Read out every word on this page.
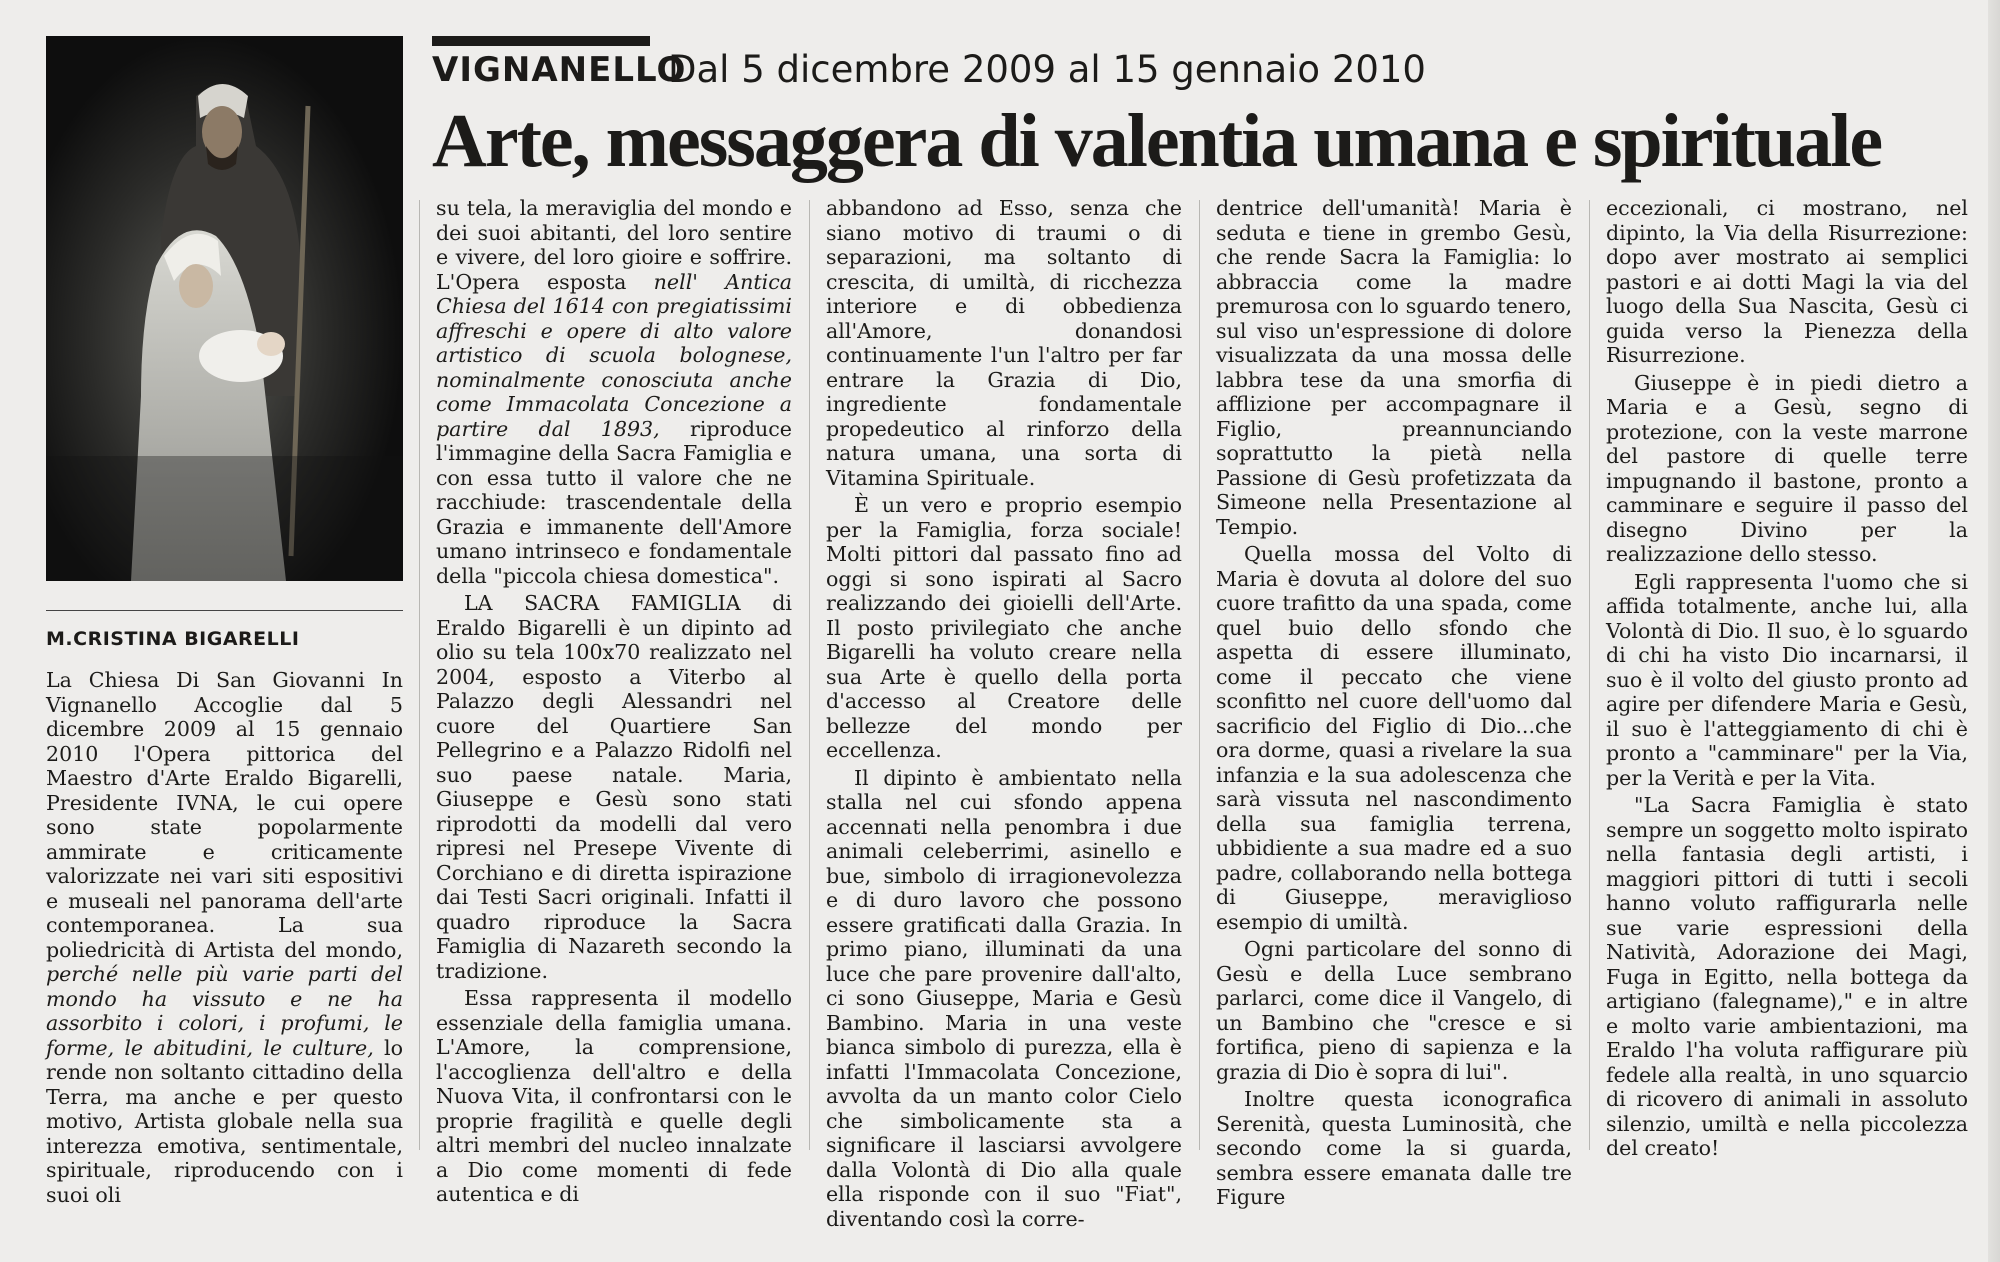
VIGNANELLO
Dal 5 dicembre 2009 al 15 gennaio 2010
Arte, messaggera di valentia umana e spirituale
M.CRISTINA BIGARELLI

La Chiesa Di San Giovanni In Vignanello Accoglie dal 5 dicembre 2009 al 15 gennaio 2010 l'Opera pittorica del Maestro d'Arte Eraldo Bigarelli, Presidente IVNA, le cui opere sono state popolarmente ammirate e criticamente valorizzate nei vari siti espositivi e museali nel panorama dell'arte contemporanea. La sua poliedricità di Artista del mondo, perché nelle più varie parti del mondo ha vissuto e ne ha assorbito i colori, i profumi, le forme, le abitudini, le culture, lo rende non soltanto cittadino della Terra, ma anche e per questo motivo, Artista globale nella sua interezza emotiva, sentimentale, spirituale, riproducendo con i suoi oli

su tela, la meraviglia del mondo e dei suoi abitanti, del loro sentire e vivere, del loro gioire e soffrire. L'Opera esposta nell' Antica Chiesa del 1614 con pregiatissimi affreschi e opere di alto valore artistico di scuola bolognese, nominalmente conosciuta anche come Immacolata Concezione a partire dal 1893, riproduce l'immagine della Sacra Famiglia e con essa tutto il valore che ne racchiude: trascendentale della Grazia e immanente dell'Amore umano intrinseco e fondamentale della "piccola chiesa domestica".

LA SACRA FAMIGLIA di Eraldo Bigarelli è un dipinto ad olio su tela 100x70 realizzato nel 2004, esposto a Viterbo al Palazzo degli Alessandri nel cuore del Quartiere San Pellegrino e a Palazzo Ridolfi nel suo paese natale. Maria, Giuseppe e Gesù sono stati riprodotti da modelli dal vero ripresi nel Presepe Vivente di Corchiano e di diretta ispirazione dai Testi Sacri originali. Infatti il quadro riproduce la Sacra Famiglia di Nazareth secondo la tradizione.

Essa rappresenta il modello essenziale della famiglia umana. L'Amore, la comprensione, l'accoglienza dell'altro e della Nuova Vita, il confrontarsi con le proprie fragilità e quelle degli altri membri del nucleo innalzate a Dio come momenti di fede autentica e di

abbandono ad Esso, senza che siano motivo di traumi o di separazioni, ma soltanto di crescita, di umiltà, di ricchezza interiore e di obbedienza all'Amore, donandosi continuamente l'un l'altro per far entrare la Grazia di Dio, ingrediente fondamentale propedeutico al rinforzo della natura umana, una sorta di Vitamina Spirituale.

È un vero e proprio esempio per la Famiglia, forza sociale! Molti pittori dal passato fino ad oggi si sono ispirati al Sacro realizzando dei gioielli dell'Arte. Il posto privilegiato che anche Bigarelli ha voluto creare nella sua Arte è quello della porta d'accesso al Creatore delle bellezze del mondo per eccellenza.

Il dipinto è ambientato nella stalla nel cui sfondo appena accennati nella penombra i due animali celeberrimi, asinello e bue, simbolo di irragionevolezza e di duro lavoro che possono essere gratificati dalla Grazia. In primo piano, illuminati da una luce che pare provenire dall'alto, ci sono Giuseppe, Maria e Gesù Bambino. Maria in una veste bianca simbolo di purezza, ella è infatti l'Immacolata Concezione, avvolta da un manto color Cielo che simbolicamente sta a significare il lasciarsi avvolgere dalla Volontà di Dio alla quale ella risponde con il suo "Fiat", diventando così la corre-

dentrice dell'umanità! Maria è seduta e tiene in grembo Gesù, che rende Sacra la Famiglia: lo abbraccia come la madre premurosa con lo sguardo tenero, sul viso un'espressione di dolore visualizzata da una mossa delle labbra tese da una smorfia di afflizione per accompagnare il Figlio, preannunciando soprattutto la pietà nella Passione di Gesù profetizzata da Simeone nella Presentazione al Tempio.

Quella mossa del Volto di Maria è dovuta al dolore del suo cuore trafitto da una spada, come quel buio dello sfondo che aspetta di essere illuminato, come il peccato che viene sconfitto nel cuore dell'uomo dal sacrificio del Figlio di Dio...che ora dorme, quasi a rivelare la sua infanzia e la sua adolescenza che sarà vissuta nel nascondimento della sua famiglia terrena, ubbidiente a sua madre ed a suo padre, collaborando nella bottega di Giuseppe, meraviglioso esempio di umiltà.

Ogni particolare del sonno di Gesù e della Luce sembrano parlarci, come dice il Vangelo, di un Bambino che "cresce e si fortifica, pieno di sapienza e la grazia di Dio è sopra di lui".

Inoltre questa iconografica Serenità, questa Luminosità, che secondo come la si guarda, sembra essere emanata dalle tre Figure

eccezionali, ci mostrano, nel dipinto, la Via della Risurrezione: dopo aver mostrato ai semplici pastori e ai dotti Magi la via del luogo della Sua Nascita, Gesù ci guida verso la Pienezza della Risurrezione.

Giuseppe è in piedi dietro a Maria e a Gesù, segno di protezione, con la veste marrone del pastore di quelle terre impugnando il bastone, pronto a camminare e seguire il passo del disegno Divino per la realizzazione dello stesso.

Egli rappresenta l'uomo che si affida totalmente, anche lui, alla Volontà di Dio. Il suo, è lo sguardo di chi ha visto Dio incarnarsi, il suo è il volto del giusto pronto ad agire per difendere Maria e Gesù, il suo è l'atteggiamento di chi è pronto a "camminare" per la Via, per la Verità e per la Vita.

"La Sacra Famiglia è stato sempre un soggetto molto ispirato nella fantasia degli artisti, i maggiori pittori di tutti i secoli hanno voluto raffigurarla nelle sue varie espressioni della Natività, Adorazione dei Magi, Fuga in Egitto, nella bottega da artigiano (falegname)," e in altre e molto varie ambientazioni, ma Eraldo l'ha voluta raffigurare più fedele alla realtà, in uno squarcio di ricovero di animali in assoluto silenzio, umiltà e nella piccolezza del creato!
